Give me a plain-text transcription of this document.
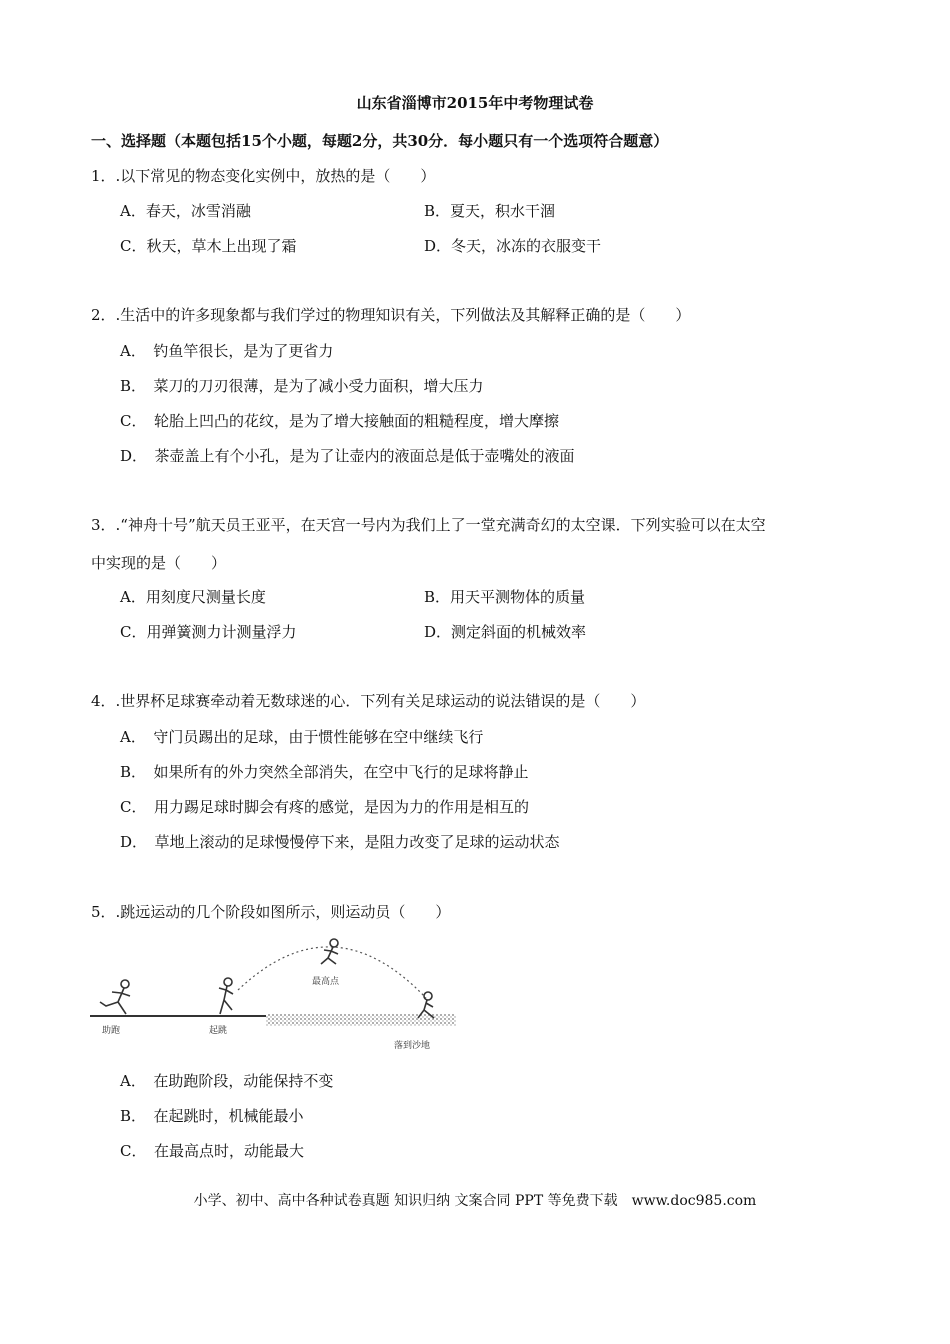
山东省淄博市2015年中考物理试卷
一、选择题（本题包括15个小题，每题2分，共30分．每小题只有一个选项符合题意）
1．.以下常见的物态变化实例中，放热的是（　　）
A．春天，冰雪消融	B．夏天，积水干涸
C．秋天，草木上出现了霜	D．冬天，冰冻的衣服变干
2．.生活中的许多现象都与我们学过的物理知识有关，下列做法及其解释正确的是（　　）
A．　钓鱼竿很长，是为了更省力
B．　菜刀的刀刃很薄，是为了减小受力面积，增大压力
C．　轮胎上凹凸的花纹，是为了增大接触面的粗糙程度，增大摩擦
D．　茶壶盖上有个小孔，是为了让壶内的液面总是低于壶嘴处的液面
3．.“神舟十号”航天员王亚平，在天宫一号内为我们上了一堂充满奇幻的太空课．下列实验可以在太空
中实现的是（　　）
A．用刻度尺测量长度	B．用天平测物体的质量
C．用弹簧测力计测量浮力	D．测定斜面的机械效率
4．.世界杯足球赛牵动着无数球迷的心．下列有关足球运动的说法错误的是（　　）
A．　守门员踢出的足球，由于惯性能够在空中继续飞行
B．　如果所有的外力突然全部消失，在空中飞行的足球将静止
C．　用力踢足球时脚会有疼的感觉，是因为力的作用是相互的
D．　草地上滚动的足球慢慢停下来，是阻力改变了足球的运动状态
5．.跳远运动的几个阶段如图所示，则运动员（　　）
助跑	起跳
最高点
落到沙地
A．　在助跑阶段，动能保持不变
B．　在起跳时，机械能最小
C．　在最高点时，动能最大
小学、初中、高中各种试卷真题 知识归纳 文案合同 PPT 等免费下载　www.doc985.com
